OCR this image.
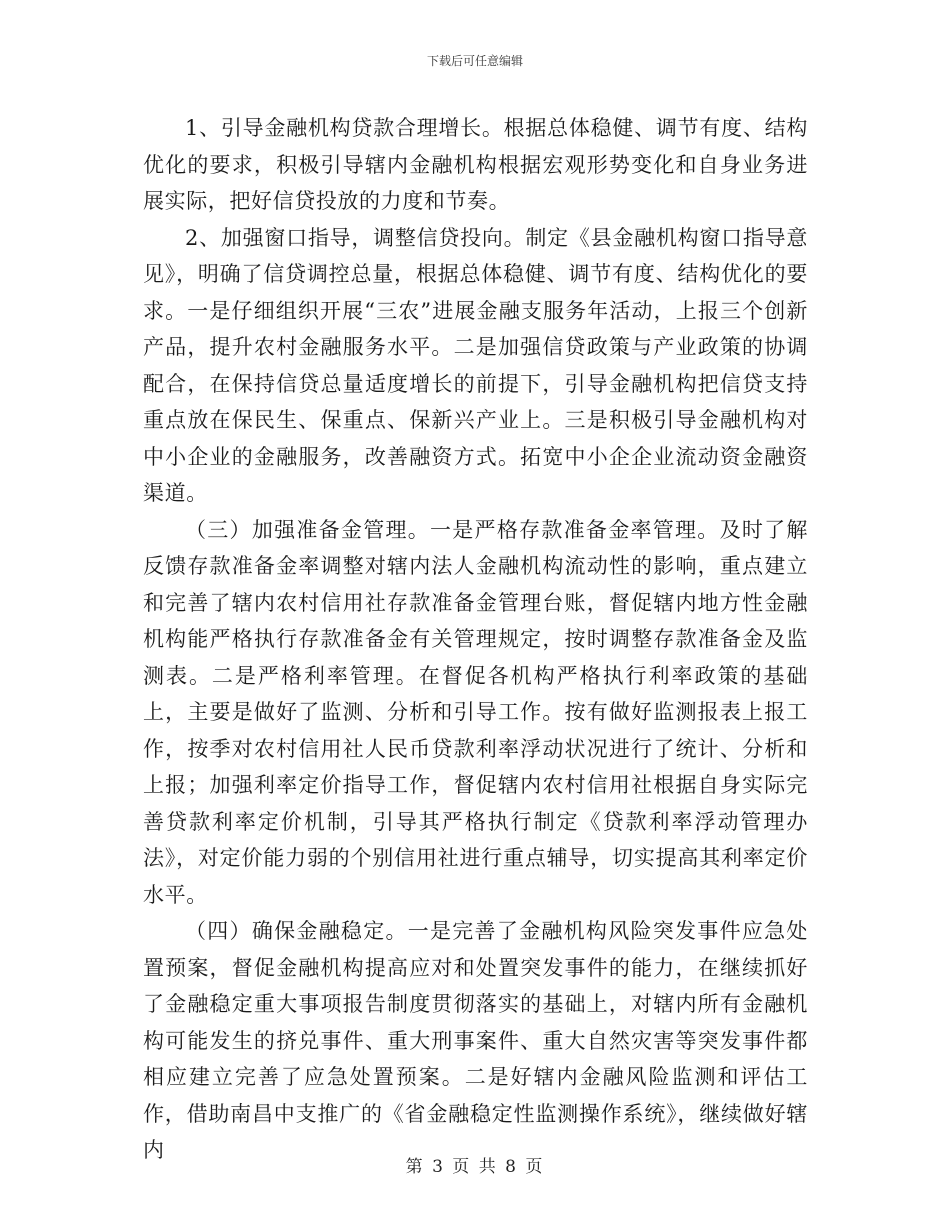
下载后可任意编辑

1、引导金融机构贷款合理增长。根据总体稳健、调节有度、结构优化的要求，积极引导辖内金融机构根据宏观形势变化和自身业务进展实际，把好信贷投放的力度和节奏。

2、加强窗口指导，调整信贷投向。制定《县金融机构窗口指导意见》，明确了信贷调控总量，根据总体稳健、调节有度、结构优化的要求。一是仔细组织开展“三农”进展金融支服务年活动，上报三个创新产品，提升农村金融服务水平。二是加强信贷政策与产业政策的协调配合，在保持信贷总量适度增长的前提下，引导金融机构把信贷支持重点放在保民生、保重点、保新兴产业上。三是积极引导金融机构对中小企业的金融服务，改善融资方式。拓宽中小企企业流动资金融资渠道。

（三）加强准备金管理。一是严格存款准备金率管理。及时了解反馈存款准备金率调整对辖内法人金融机构流动性的影响，重点建立和完善了辖内农村信用社存款准备金管理台账，督促辖内地方性金融机构能严格执行存款准备金有关管理规定，按时调整存款准备金及监测表。二是严格利率管理。在督促各机构严格执行利率政策的基础上，主要是做好了监测、分析和引导工作。按有做好监测报表上报工作，按季对农村信用社人民币贷款利率浮动状况进行了统计、分析和上报；加强利率定价指导工作，督促辖内农村信用社根据自身实际完善贷款利率定价机制，引导其严格执行制定《贷款利率浮动管理办法》，对定价能力弱的个别信用社进行重点辅导，切实提高其利率定价水平。

（四）确保金融稳定。一是完善了金融机构风险突发事件应急处置预案，督促金融机构提高应对和处置突发事件的能力，在继续抓好了金融稳定重大事项报告制度贯彻落实的基础上，对辖内所有金融机构可能发生的挤兑事件、重大刑事案件、重大自然灾害等突发事件都相应建立完善了应急处置预案。二是好辖内金融风险监测和评估工作，借助南昌中支推广的《省金融稳定性监测操作系统》，继续做好辖内

第 3 页 共 8 页
